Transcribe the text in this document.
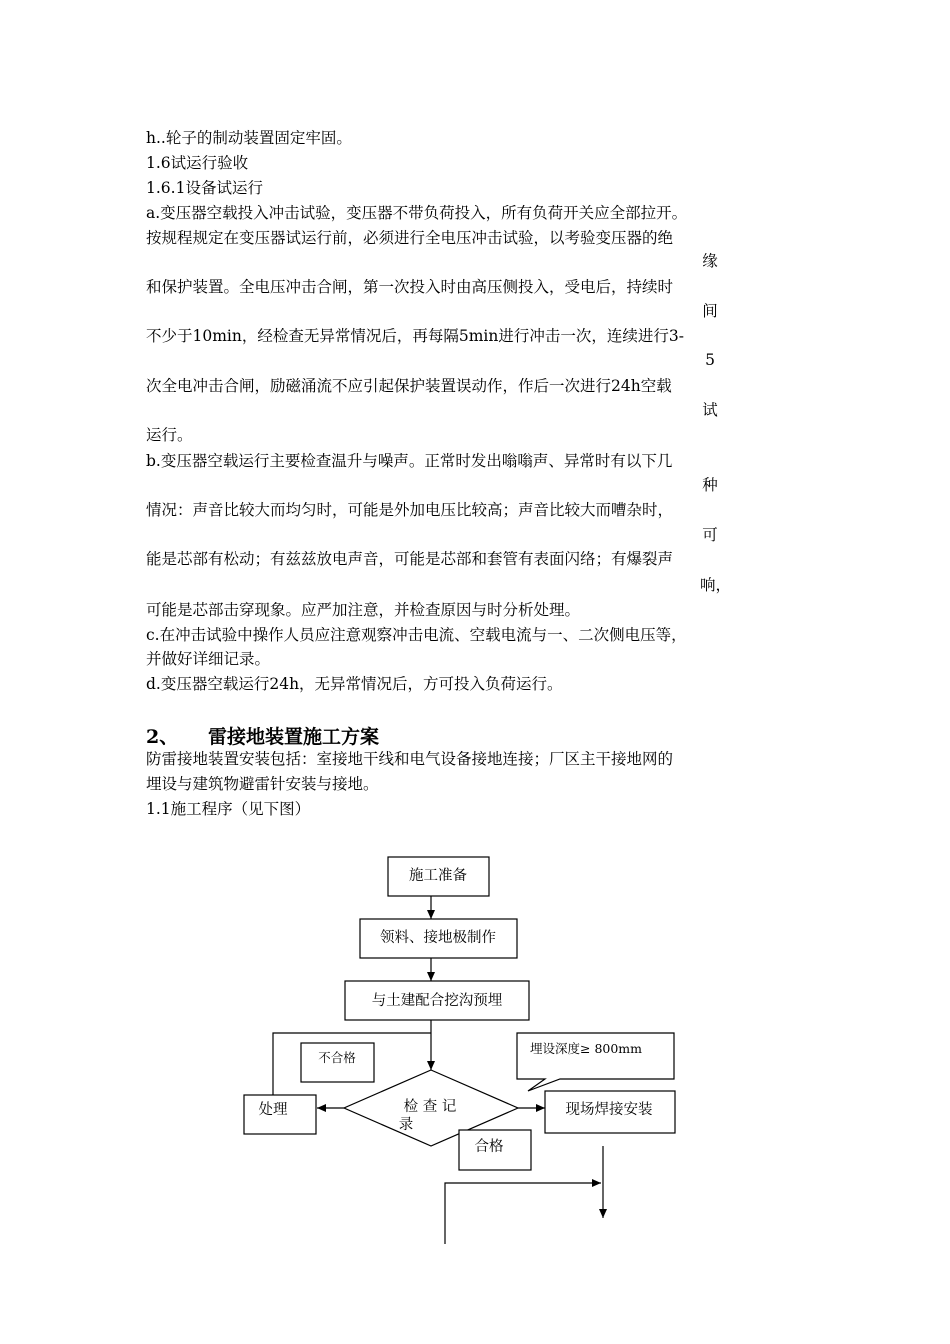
h..轮子的制动装置固定牢固。
1.6试运行验收
1.6.1设备试运行
a.变压器空载投入冲击试验，变压器不带负荷投入，所有负荷开关应全部拉开。
按规程规定在变压器试运行前，必须进行全电压冲击试验，以考验变压器的绝
缘
和保护装置。全电压冲击合闸，第一次投入时由高压侧投入，受电后，持续时
间
不少于10min，经检查无异常情况后，再每隔5min进行冲击一次，连续进行3-
5
次全电冲击合闸，励磁涌流不应引起保护装置误动作，作后一次进行24h空载
试
运行。
b.变压器空载运行主要检查温升与噪声。正常时发出嗡嗡声、异常时有以下几
种
情况：声音比较大而均匀时，可能是外加电压比较高；声音比较大而嘈杂时，
可
能是芯部有松动；有兹兹放电声音，可能是芯部和套管有表面闪络；有爆裂声
响，
可能是芯部击穿现象。应严加注意，并检查原因与时分析处理。
c.在冲击试验中操作人员应注意观察冲击电流、空载电流与一、二次侧电压等，
并做好详细记录。
d.变压器空载运行24h，无异常情况后，方可投入负荷运行。
2、 雷接地装置施工方案
防雷接地装置安装包括：室接地干线和电气设备接地连接；厂区主干接地网的
埋设与建筑物避雷针安装与接地。
1.1施工程序（见下图）
施工准备
领料、接地极制作
与土建配合挖沟预埋
不合格
处理	检 查 记
录
埋设深度≥ 800mm
现场焊接安装
合格
